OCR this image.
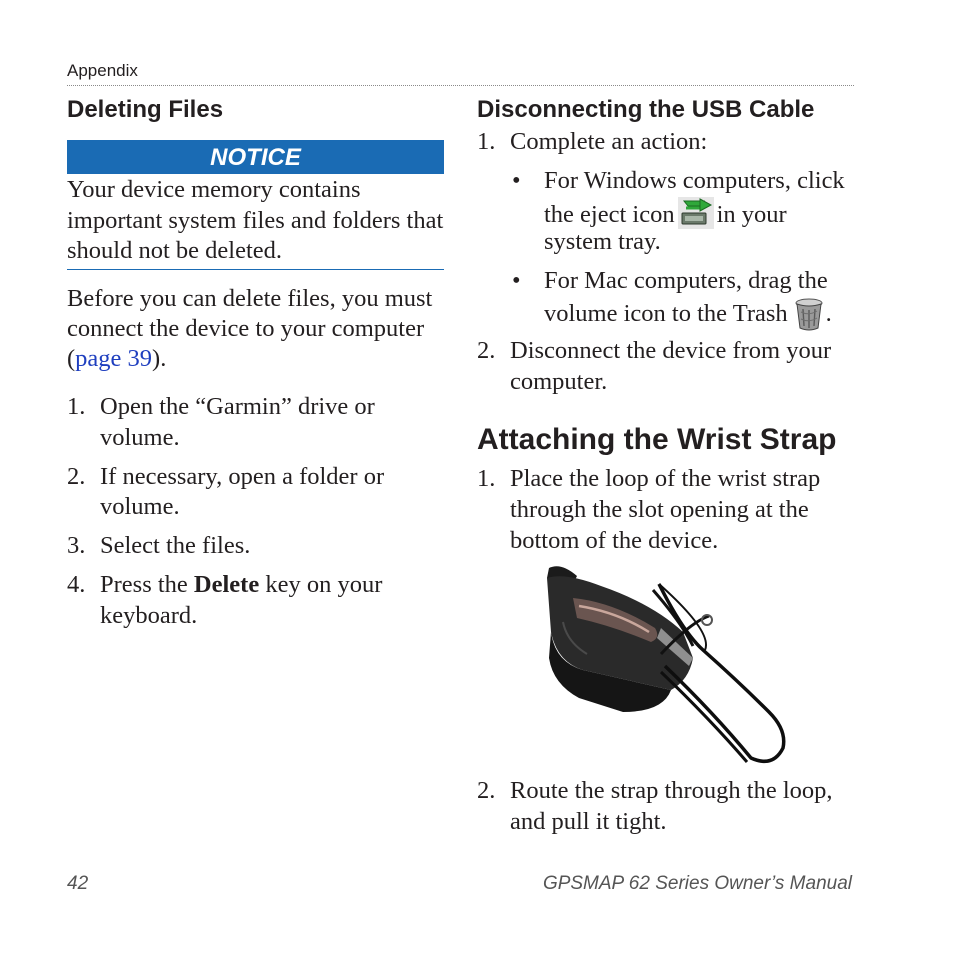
Appendix
Deleting Files
NOTICE
Your device memory contains
important system files and folders that
should not be deleted.
Before you can delete files, you must
connect the device to your computer
(page 39).
1. Open the “Garmin” drive or
volume.
2. If necessary, open a folder or
volume.
3. Select the files.
4. Press the Delete key on your
keyboard.
Disconnecting the USB Cable
1. Complete an action:
• For Windows computers, click
the eject icon in your
system tray.
• For Mac computers, drag the
volume icon to the Trash .
2. Disconnect the device from your
computer.
Attaching the Wrist Strap
1. Place the loop of the wrist strap
through the slot opening at the
bottom of the device.
2. Route the strap through the loop,
and pull it tight.
42	GPSMAP 62 Series Owner’s Manual
